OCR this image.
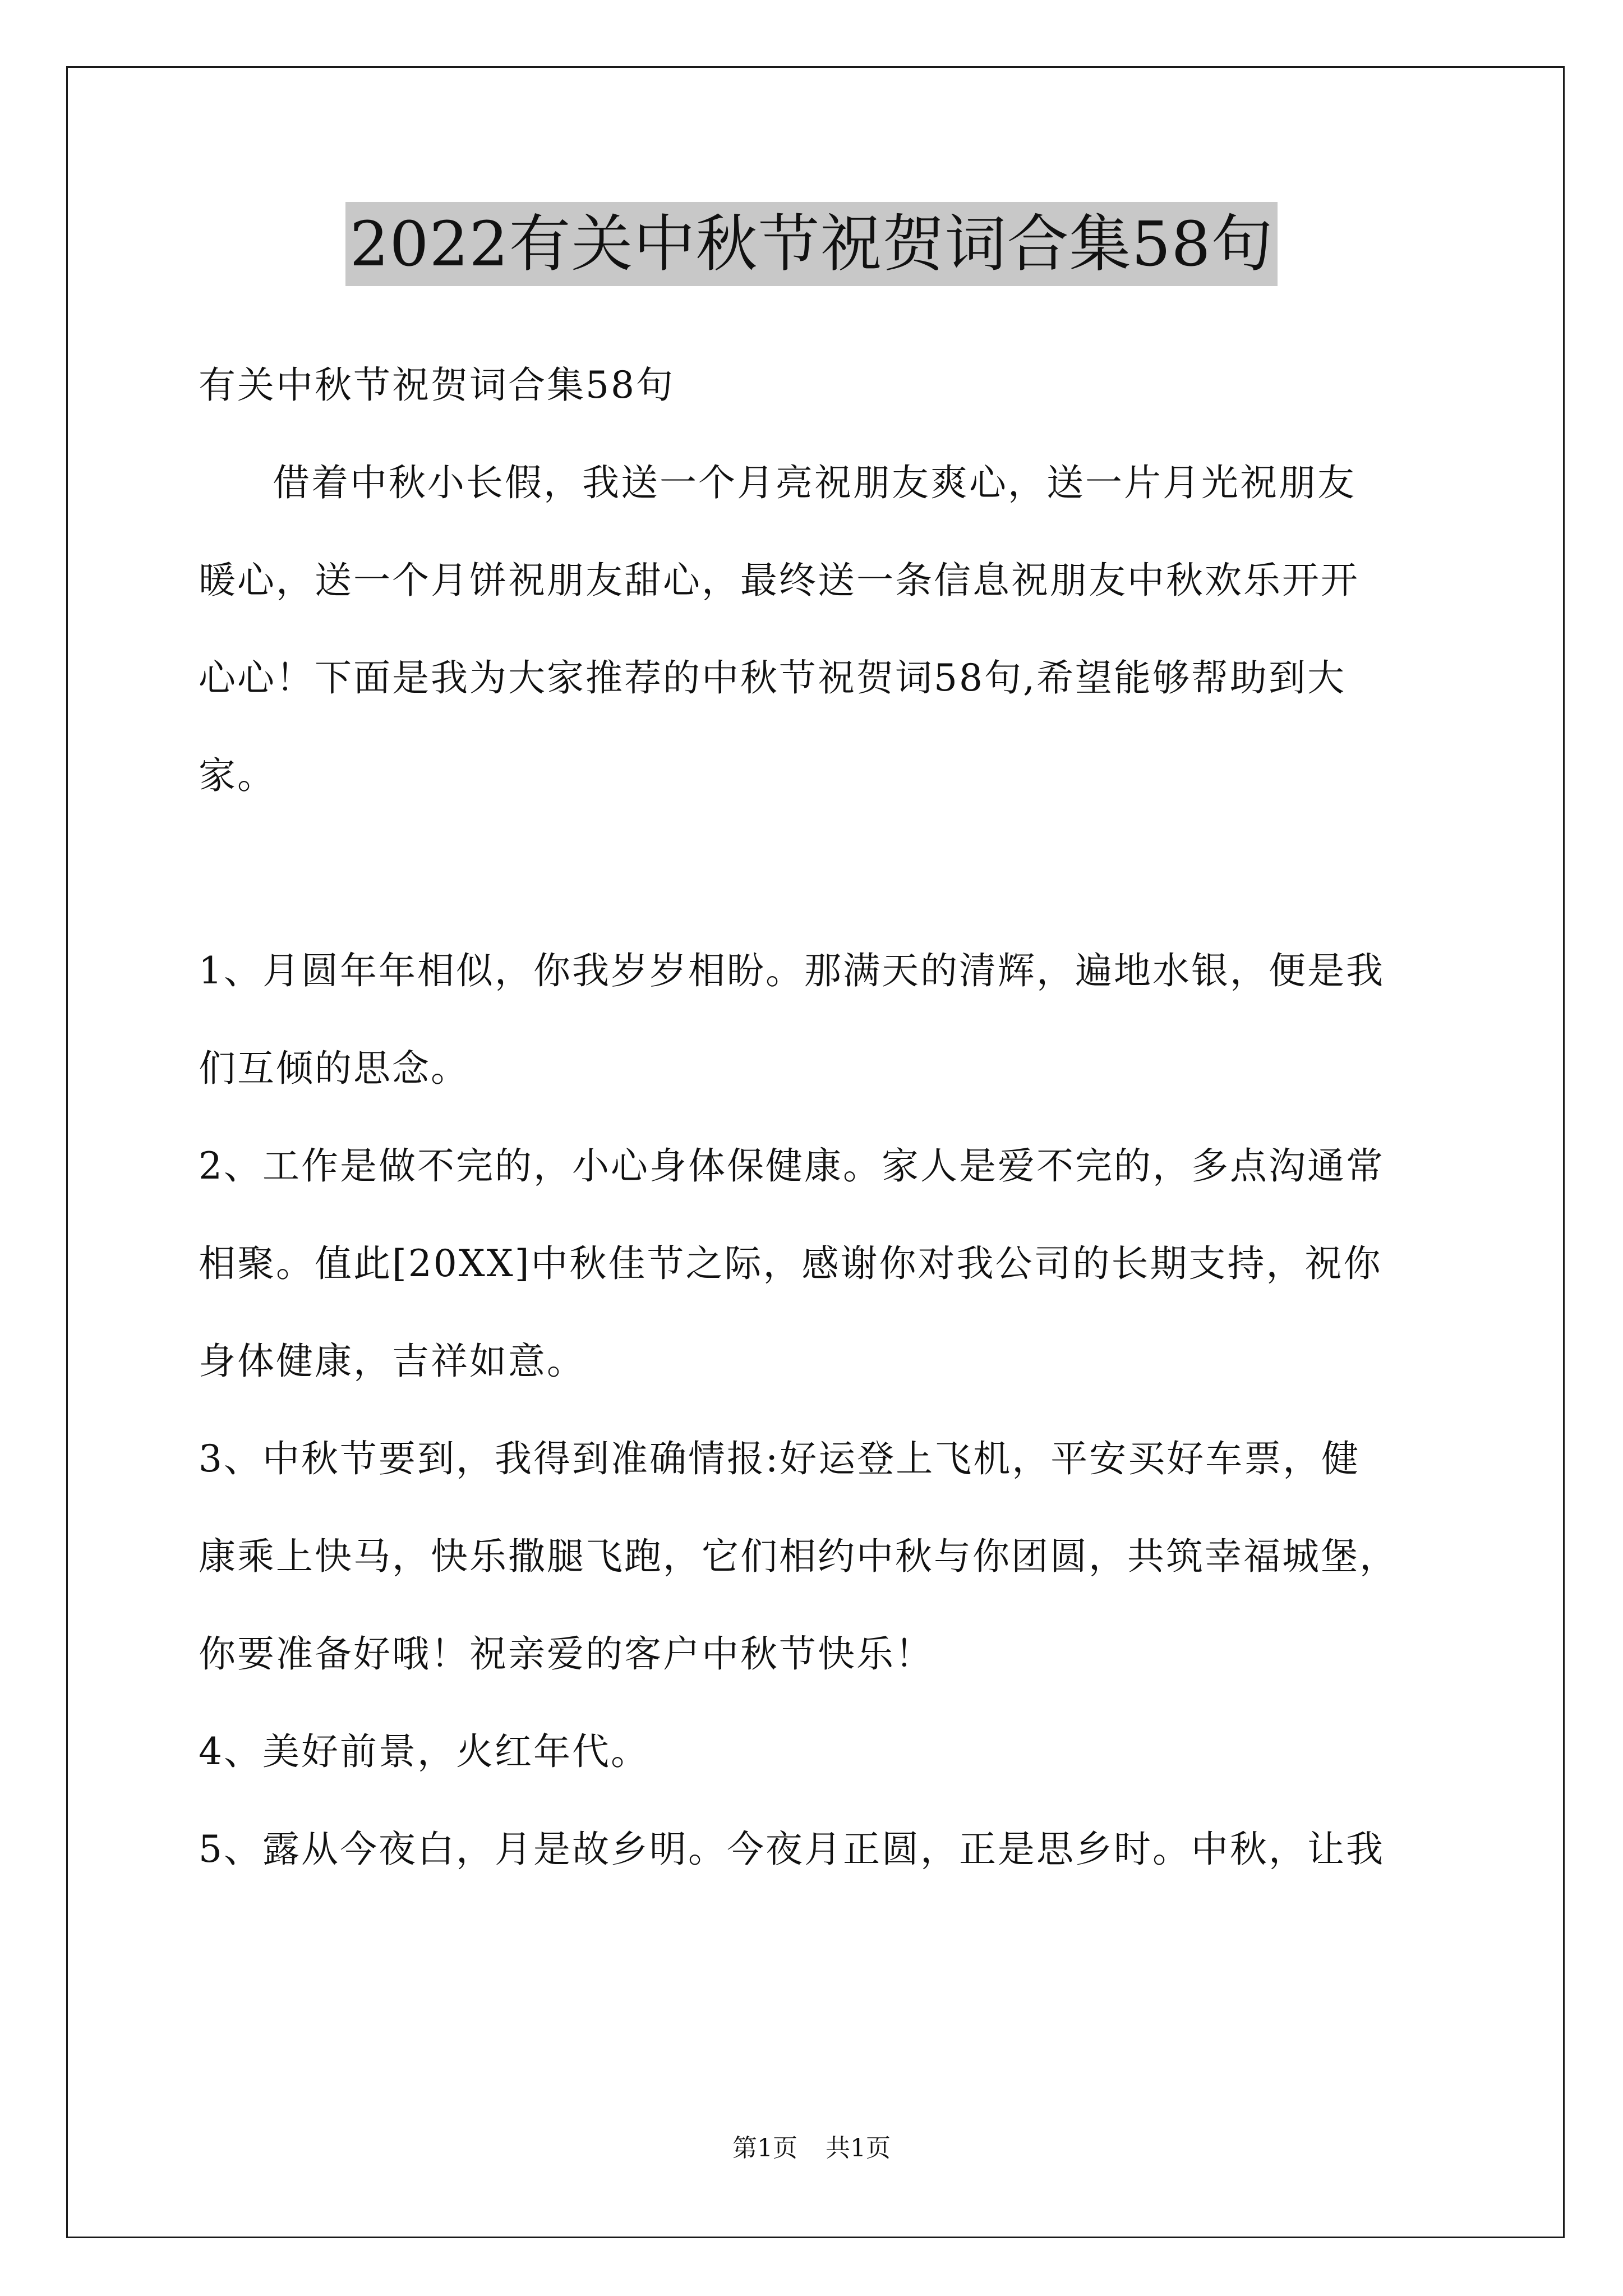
2022有关中秋节祝贺词合集58句
有关中秋节祝贺词合集58句
借着中秋小长假，我送一个月亮祝朋友爽心，送一片月光祝朋友
暖心，送一个月饼祝朋友甜心，最终送一条信息祝朋友中秋欢乐开开
心心！下面是我为大家推荐的中秋节祝贺词58句,希望能够帮助到大
家。
1、月圆年年相似，你我岁岁相盼。那满天的清辉，遍地水银，便是我
们互倾的思念。
2、工作是做不完的，小心身体保健康。家人是爱不完的，多点沟通常
相聚。值此[20XX]中秋佳节之际，感谢你对我公司的长期支持，祝你
身体健康，吉祥如意。
3、中秋节要到，我得到准确情报:好运登上飞机，平安买好车票，健
康乘上快马，快乐撒腿飞跑，它们相约中秋与你团圆，共筑幸福城堡，
你要准备好哦！祝亲爱的客户中秋节快乐！
4、美好前景，火红年代。
5、露从今夜白，月是故乡明。今夜月正圆，正是思乡时。中秋，让我
第1页 共1页
